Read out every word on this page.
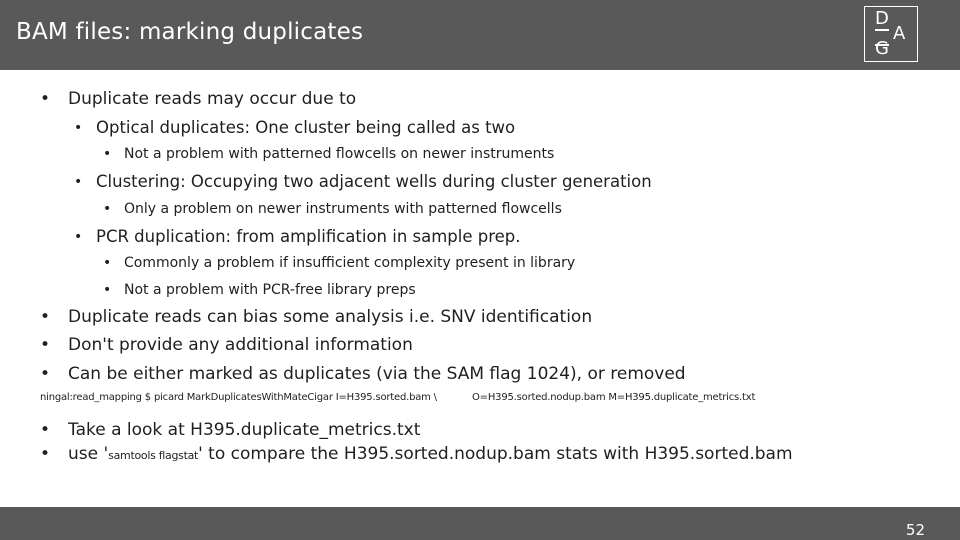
BAM files: marking duplicates
D
A
G
• Duplicate reads may occur due to
• Optical duplicates: One cluster being called as two
• Not a problem with patterned flowcells on newer instruments
• Clustering: Occupying two adjacent wells during cluster generation
• Only a problem on newer instruments with patterned flowcells
• PCR duplication: from amplification in sample prep.
• Commonly a problem if insufficient complexity present in library
• Not a problem with PCR-free library preps
• Duplicate reads can bias some analysis i.e. SNV identification
• Don't provide any additional information
• Can be either marked as duplicates (via the SAM flag 1024), or removed
ningal:read_mapping $ picard MarkDuplicatesWithMateCigar I=H395.sorted.bam \	O=H395.sorted.nodup.bam M=H395.duplicate_metrics.txt
• Take a look at H395.duplicate_metrics.txt
• use 'samtools flagstat' to compare the H395.sorted.nodup.bam stats with H395.sorted.bam
52
